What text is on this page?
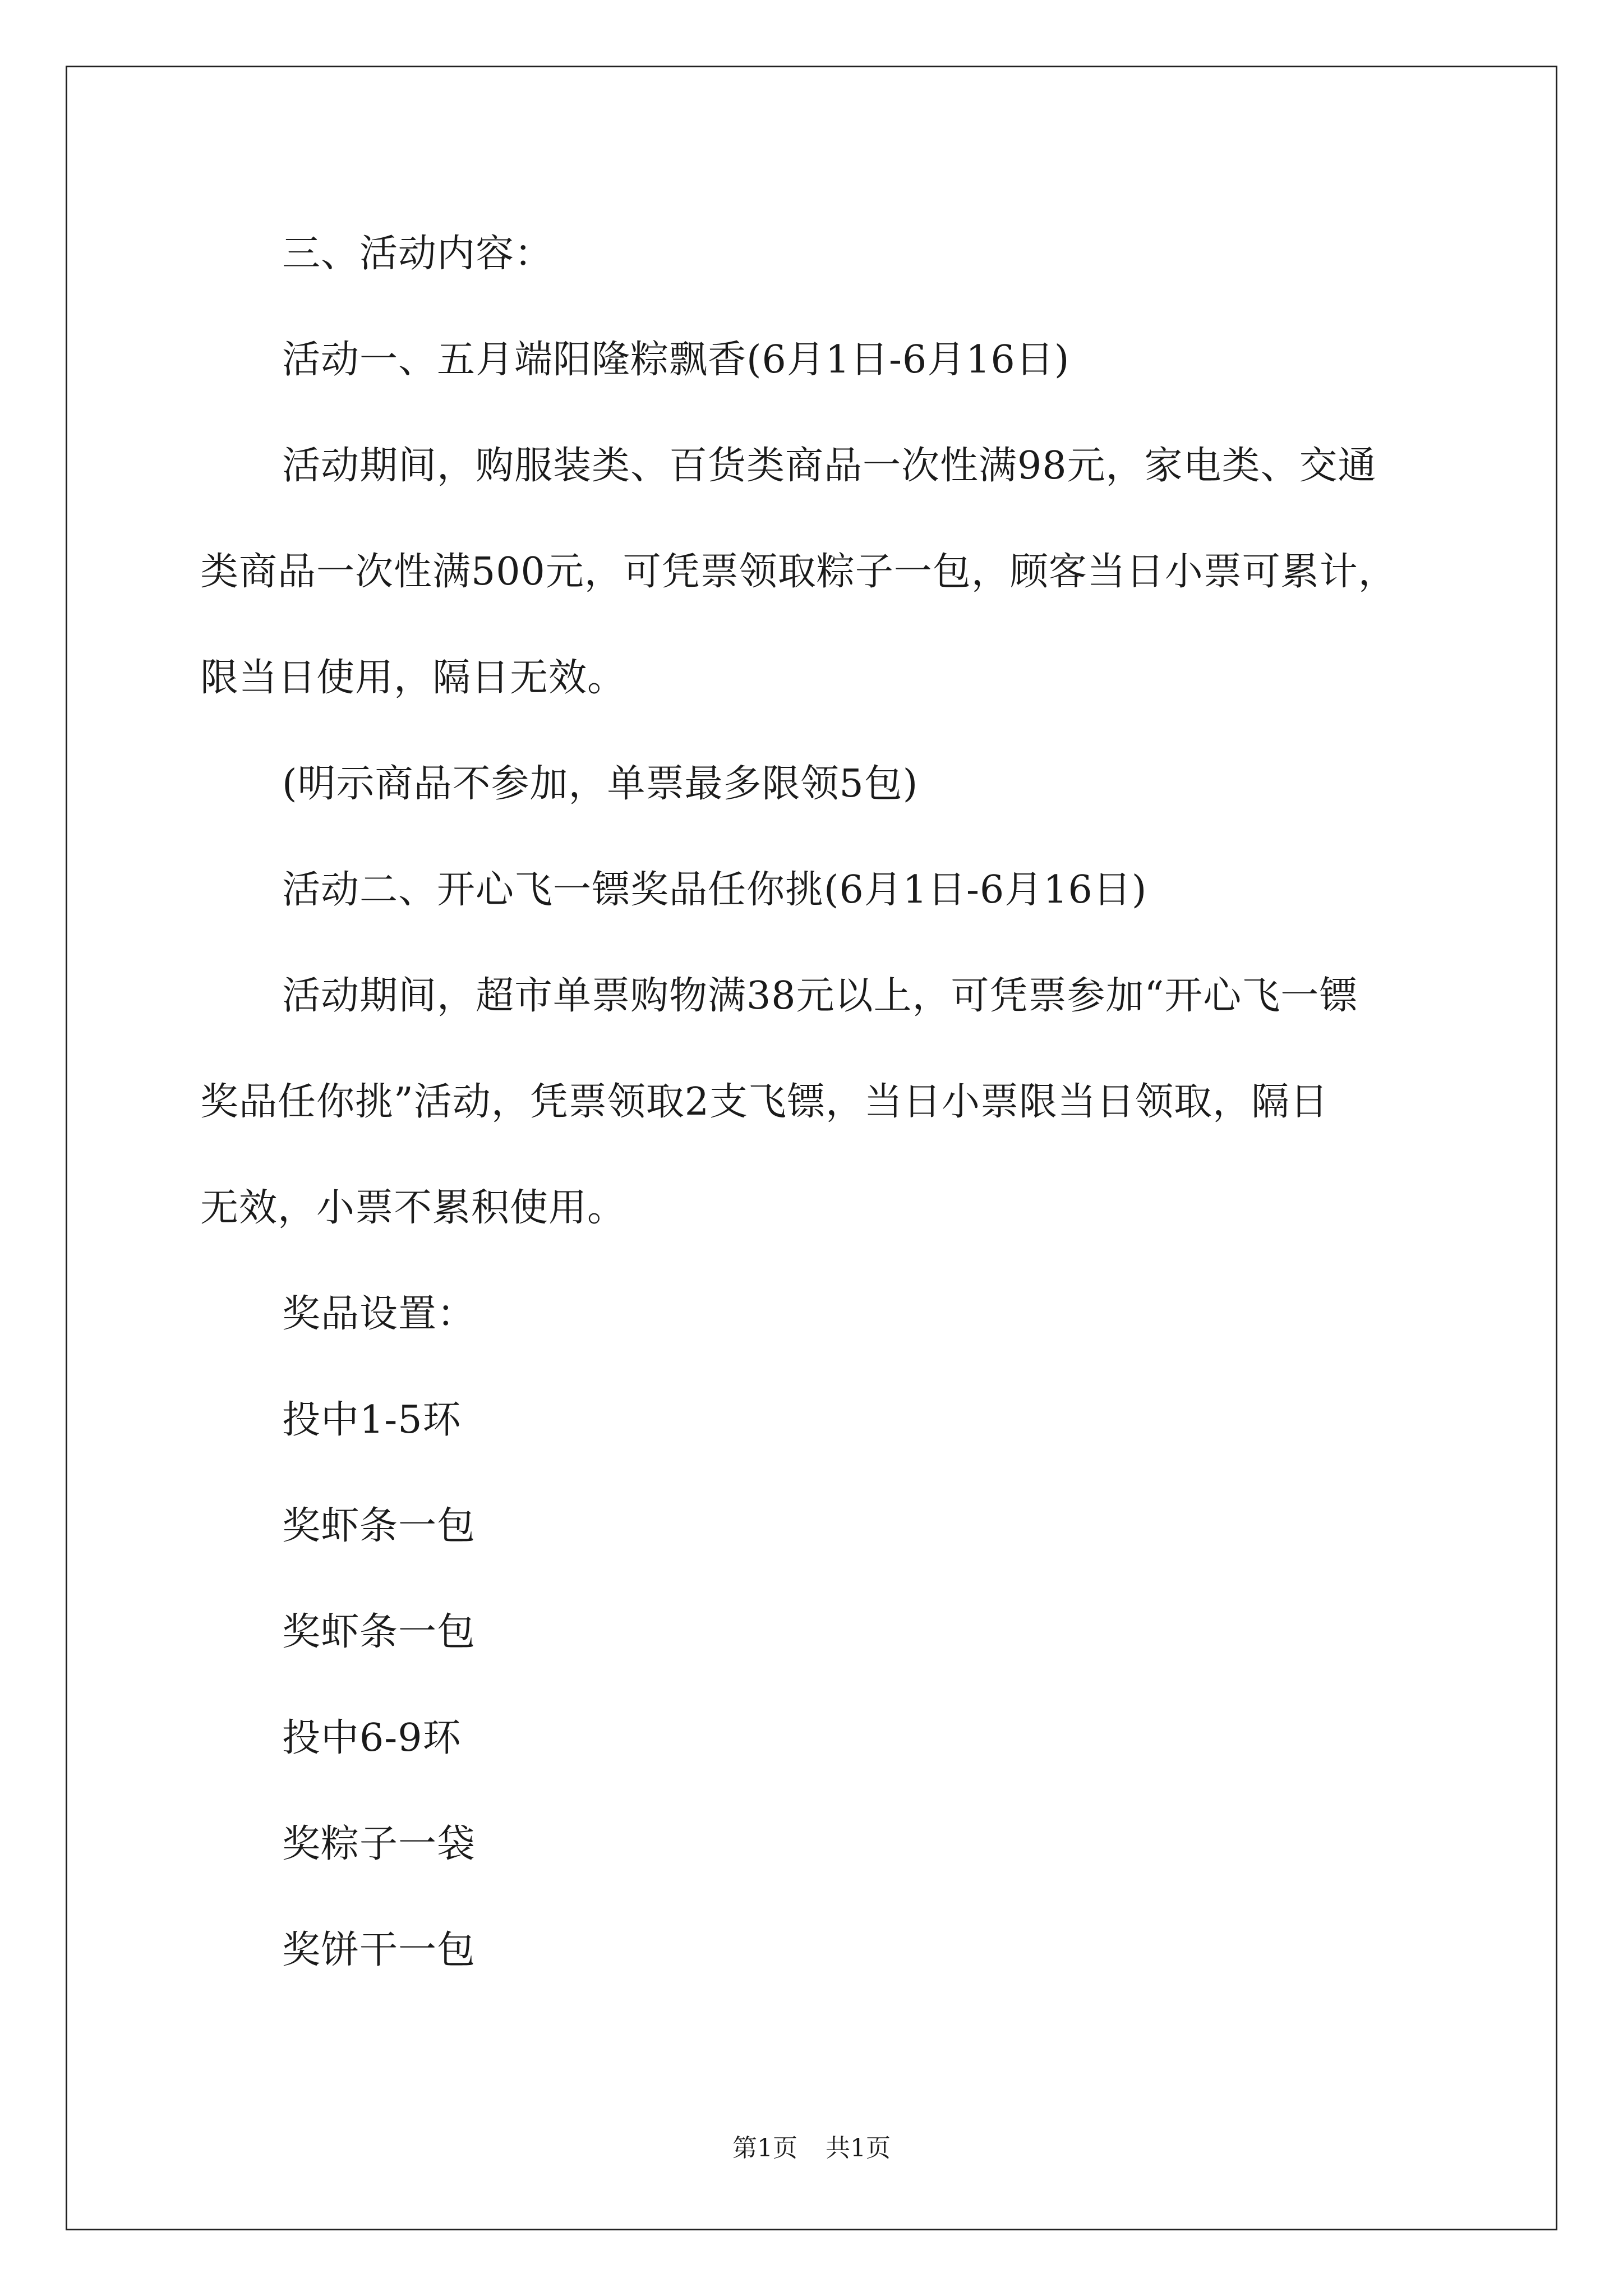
三、活动内容：
活动一、五月端阳隆粽飘香(6月1日-6月16日)
活动期间，购服装类、百货类商品一次性满98元，家电类、交通
类商品一次性满500元，可凭票领取粽子一包，顾客当日小票可累计，
限当日使用，隔日无效。
(明示商品不参加，单票最多限领5包)
活动二、开心飞一镖奖品任你挑(6月1日-6月16日)
活动期间，超市单票购物满38元以上，可凭票参加“开心飞一镖
奖品任你挑”活动，凭票领取2支飞镖，当日小票限当日领取，隔日
无效，小票不累积使用。
奖品设置：
投中1-5环
奖虾条一包
奖虾条一包
投中6-9环
奖粽子一袋
奖饼干一包
第1页 共1页
